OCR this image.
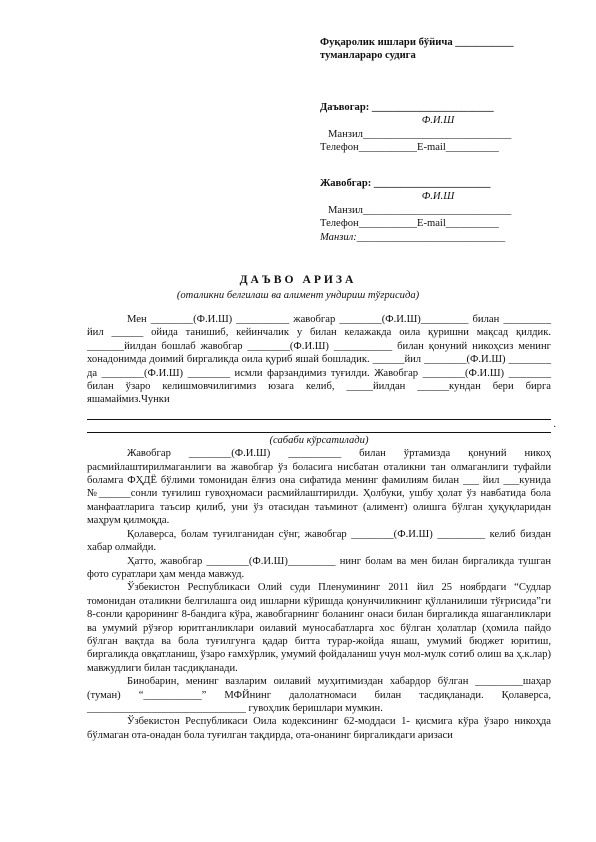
Фуқаролик ишлари бўйича ___________
туманлараро судига
Даъвогар: _______________________
Ф.И.Ш
Манзил____________________________
Телефон___________E-mail__________
Жавобгар: ______________________
Ф.И.Ш
Манзил____________________________
Телефон___________E-mail__________
Манзил:____________________________
ДАЪВО АРИЗА
(оталикни белгилаш ва алимент ундириш тўғрисида)

Мен ________(Ф.И.Ш) __________ жавобгар ________(Ф.И.Ш)_________ билан _________ йил ______ ойида танишиб, кейинчалик у билан келажакда оила қуришни мақсад қилдик. _______йилдан бошлаб жавобгар ________(Ф.И.Ш) ___________ билан қонуний никоҳсиз менинг хонадонимда доимий биргаликда оила қуриб яшай бошладик. ______йил ________(Ф.И.Ш) ________ да ________(Ф.И.Ш) ________ исмли фарзандимиз туғилди. Жавобгар ________(Ф.И.Ш) ________ билан ўзаро келишмовчилигимиз юзага келиб, _____йилдан ______кундан бери бирга яшамаймиз.Чунки

.

(сабаби кўрсатилади)

Жавобгар ________(Ф.И.Ш) __________ билан ўртамизда қонуний никоҳ расмийлаштирилмаганлиги ва жавобгар ўз боласига нисбатан оталикни тан олмаганлиги туфайли боламга ФҲДЁ бўлими томонидан ёлғиз она сифатида менинг фамилиям билан ___ йил ___кунида №______сонли туғилиш гувоҳномаси расмийлаштирилди. Ҳолбуки, ушбу ҳолат ўз навбатида бола манфаатларига таъсир қилиб, уни ўз отасидан таъминот (алимент) олишга бўлган ҳуқуқларидан маҳрум қилмоқда.

Қолаверса, болам туғилганидан сўнг, жавобгар ________(Ф.И.Ш) _________ келиб биздан хабар олмайди.

Ҳатто, жавобгар ________(Ф.И.Ш)_________ нинг болам ва мен билан биргаликда тушган фото суратлари ҳам менда мавжуд.

Ўзбекистон Республикаси Олий суди Пленумининг 2011 йил 25 ноябрдаги “Судлар томонидан оталикни белгилашга оид ишларни кўришда қонунчиликнинг қўлланилиши тўғрисида”ги 8-сонли қарорининг 8-бандига кўра, жавобгарнинг боланинг онаси билан биргаликда яшаганликлари ва умумий рўзғор юритганликлари оилавий муносабатларга хос бўлган ҳолатлар (ҳомила пайдо бўлган вақтда ва бола туғилгунга қадар битта турар-жойда яшаш, умумий бюджет юритиш, биргаликда овқатланиш, ўзаро ғамхўрлик, умумий фойдаланиш учун мол-мулк сотиб олиш ва ҳ.к.лар) мавжудлиги билан тасдиқланади.

Бинобарин, менинг вазларим оилавий муҳитимиздан хабардор бўлган _________шаҳар (туман) “___________” МФЙнинг далолатномаси билан тасдиқланади. Қолаверса, ______________________________ гувоҳлик беришлари мумкин.

Ўзбекистон Республикаси Оила кодексининг 62-моддаси 1- қисмига кўра ўзаро никоҳда бўлмаган ота-онадан бола туғилган тақдирда, ота-онанинг биргаликдаги аризаси
